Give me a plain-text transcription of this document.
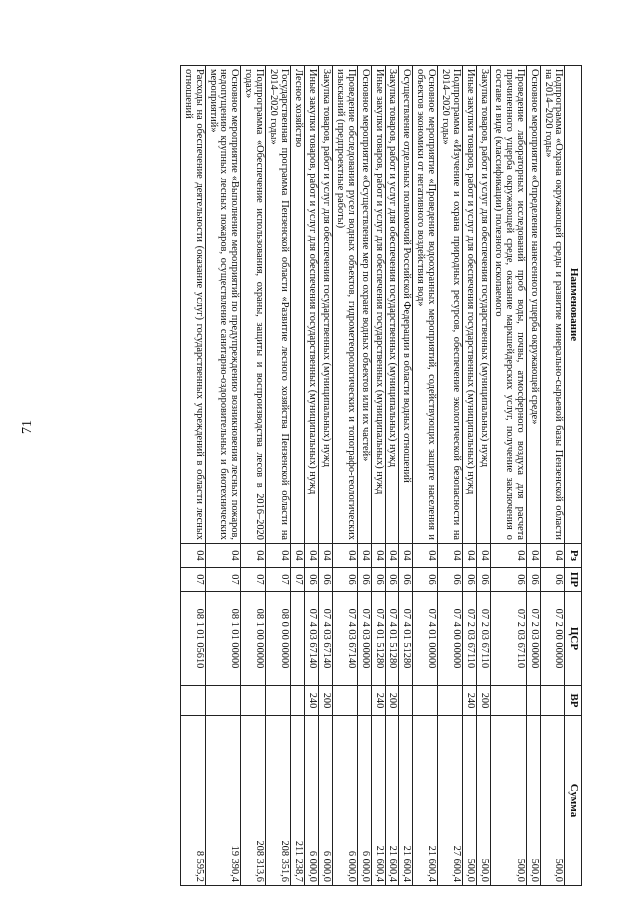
71
Наименование	Рз	ПР	ЦСР	ВР	Сумма
Подпрограмма «Охрана окружающей среды и развитие минерально-сырьевой базы Пензенской области на 2014–2020 годы»	04	06	07 2 00 00000		500,0
Основное мероприятие «Определение нанесенного ущерба окружающей среде»	04	06	07 2 03 00000		500,0
Проведение лабораторных исследований проб воды, почвы, атмосферного воздуха для расчета причиненного ущерба окружающей среде, оказание маркшейдерских услуг, получение заключения о составе и виде (классификации) полезного ископаемого	04	06	07 2 03 67110		500,0
Закупка товаров, работ и услуг для обеспечения государственных (муниципальных) нужд	04	06	07 2 03 67110	200	500,0
Иные закупки товаров, работ и услуг для обеспечения государственных (муниципальных) нужд	04	06	07 2 03 67110	240	500,0
Подпрограмма «Изучение и охрана природных ресурсов, обеспечение экологической безопасности на 2014–2020 годы»	04	06	07 4 00 00000		27 600,4
Основное мероприятие «Проведение водоохранных мероприятий, содействующих защите населения и объектов экономики от негативного воздействия вод»	04	06	07 4 01 00000		21 600,4
Осуществление отдельных полномочий Российской Федерации в области водных отношений	04	06	07 4 01 51280		21 600,4
Закупка товаров, работ и услуг для обеспечения государственных (муниципальных) нужд	04	06	07 4 01 51280	200	21 600,4
Иные закупки товаров, работ и услуг для обеспечения государственных (муниципальных) нужд	04	06	07 4 01 51280	240	21 600,4
Основное мероприятие «Осуществление мер по охране водных объектов или их частей»	04	06	07 4 03 00000		6 000,0
Проведение обследования русел водных объектов, гидрометеорологических и топографо-геологических изысканий (предпроектные работы)	04	06	07 4 03 67140		6 000,0
Закупка товаров, работ и услуг для обеспечения государственных (муниципальных) нужд	04	06	07 4 03 67140	200	6 000,0
Иные закупки товаров, работ и услуг для обеспечения государственных (муниципальных) нужд	04	06	07 4 03 67140	240	6 000,0
Лесное хозяйство	04	07			211 238,7
Государственная программа Пензенской области «Развитие лесного хозяйства Пензенской области на 2014–2020 годы»	04	07	08 0 00 00000		208 351,6
Подпрограмма «Обеспечение использования, охраны, защиты и воспроизводства лесов в 2016–2020 годах»	04	07	08 1 00 00000		208 313,6
Основное мероприятие «Выполнение мероприятий по предупреждению возникновения лесных пожаров, недопущению крупных лесных пожаров, осуществление санитарно-оздоровительных и биотехнических мероприятий»	04	07	08 1 01 00000		19 390,4
Расходы на обеспечение деятельности (оказание услуг) государственных учреждений в области лесных отношений	04	07	08 1 01 05610		8 595,2
